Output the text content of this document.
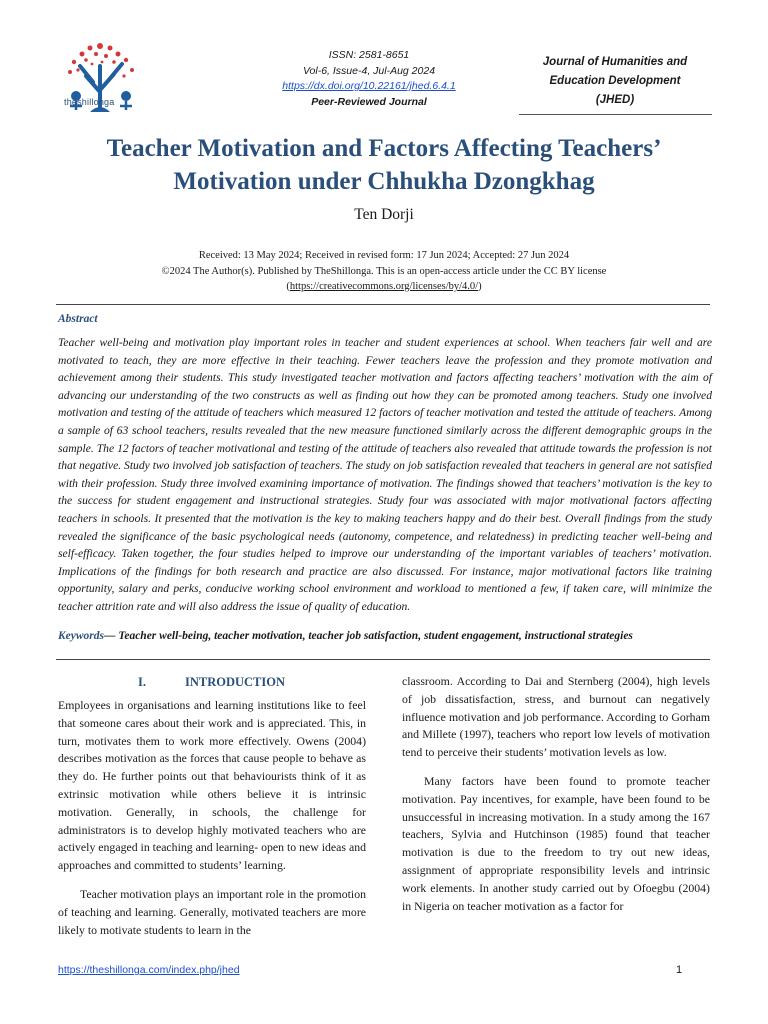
theshillonga
ISSN: 2581-8651
Vol-6, Issue-4, Jul-Aug 2024
https://dx.doi.org/10.22161/jhed.6.4.1
Peer-Reviewed Journal
Journal of Humanities and
Education Development
(JHED)
Teacher Motivation and Factors Affecting Teachers’
Motivation under Chhukha Dzongkhag
Ten Dorji
Received: 13 May 2024; Received in revised form: 17 Jun 2024; Accepted: 27 Jun 2024
©2024 The Author(s). Published by TheShillonga. This is an open-access article under the CC BY license
(https://creativecommons.org/licenses/by/4.0/)
Abstract
Teacher well-being and motivation play important roles in teacher and student experiences at school. When teachers fair well and are motivated to teach, they are more effective in their teaching. Fewer teachers leave the profession and they promote motivation and achievement among their students. This study investigated teacher motivation and factors affecting teachers’ motivation with the aim of advancing our understanding of the two constructs as well as finding out how they can be promoted among teachers. Study one involved motivation and testing of the attitude of teachers which measured 12 factors of teacher motivation and tested the attitude of teachers. Among a sample of 63 school teachers, results revealed that the new measure functioned similarly across the different demographic groups in the sample. The 12 factors of teacher motivational and testing of the attitude of teachers also revealed that attitude towards the profession is not that negative. Study two involved job satisfaction of teachers. The study on job satisfaction revealed that teachers in general are not satisfied with their profession. Study three involved examining importance of motivation. The findings showed that teachers’ motivation is the key to the success for student engagement and instructional strategies. Study four was associated with major motivational factors affecting teachers in schools. It presented that the motivation is the key to making teachers happy and do their best. Overall findings from the study revealed the significance of the basic psychological needs (autonomy, competence, and relatedness) in predicting teacher well-being and self-efficacy. Taken together, the four studies helped to improve our understanding of the important variables of teachers’ motivation. Implications of the findings for both research and practice are also discussed. For instance, major motivational factors like training opportunity, salary and perks, conducive working school environment and workload to mentioned a few, if taken care, will minimize the teacher attrition rate and will also address the issue of quality of education.
Keywords— Teacher well-being, teacher motivation, teacher job satisfaction, student engagement, instructional strategies
I.	INTRODUCTION

Employees in organisations and learning institutions like to feel that someone cares about their work and is appreciated. This, in turn, motivates them to work more effectively. Owens (2004) describes motivation as the forces that cause people to behave as they do. He further points out that behaviourists think of it as extrinsic motivation while others believe it is intrinsic motivation. Generally, in schools, the challenge for administrators is to develop highly motivated teachers who are actively engaged in teaching and learning- open to new ideas and approaches and committed to students’ learning.

Teacher motivation plays an important role in the promotion of teaching and learning. Generally, motivated teachers are more likely to motivate students to learn in the

classroom. According to Dai and Sternberg (2004), high levels of job dissatisfaction, stress, and burnout can negatively influence motivation and job performance. According to Gorham and Millete (1997), teachers who report low levels of motivation tend to perceive their students’ motivation levels as low.

Many factors have been found to promote teacher motivation. Pay incentives, for example, have been found to be unsuccessful in increasing motivation. In a study among the 167 teachers, Sylvia and Hutchinson (1985) found that teacher motivation is due to the freedom to try out new ideas, assignment of appropriate responsibility levels and intrinsic work elements. In another study carried out by Ofoegbu (2004) in Nigeria on teacher motivation as a factor for

https://theshillonga.com/index.php/jhed	1
